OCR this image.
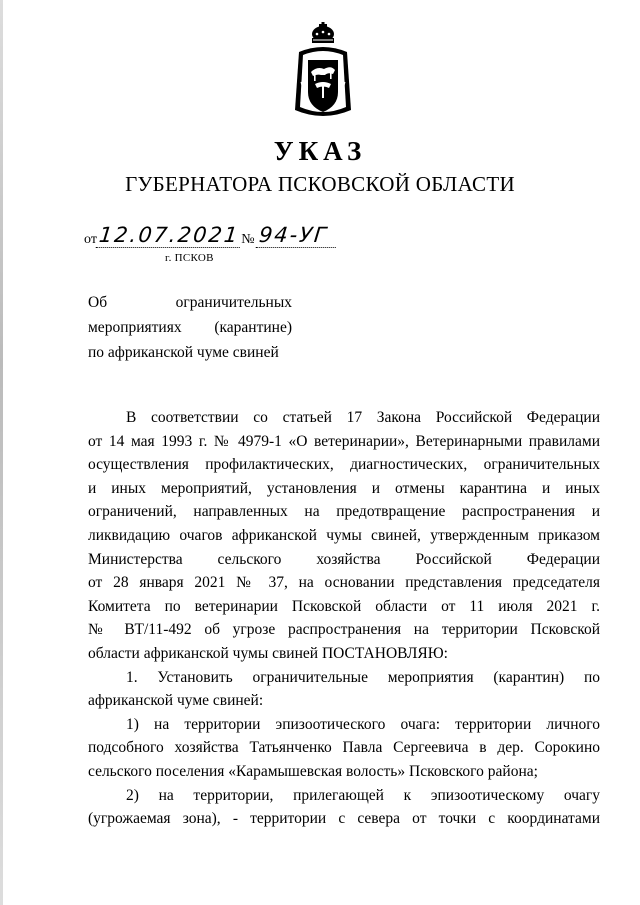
УКАЗ
ГУБЕРНАТОРА ПСКОВСКОЙ ОБЛАСТИ
от 12.07.2021 № 94-УГ
г. ПСКОВ
Об	ограничительных
мероприятиях (карантине)
по африканской чуме свиней

В соответствии со статьей 17 Закона Российской Федерации

от 14 мая 1993 г. № 4979-1 «О ветеринарии», Ветеринарными правилами

осуществления профилактических, диагностических, ограничительных

и иных мероприятий, установления и отмены карантина и иных

ограничений, направленных на предотвращение распространения и

ликвидацию очагов африканской чумы свиней, утвержденным приказом

Министерства сельского хозяйства Российской Федерации

от 28 января 2021 № 37, на основании представления председателя

Комитета по ветеринарии Псковской области от 11 июля 2021 г.

№ ВТ/11-492 об угрозе распространения на территории Псковской

области африканской чумы свиней ПОСТАНОВЛЯЮ:

1. Установить ограничительные мероприятия (карантин) по

африканской чуме свиней:

1) на территории эпизоотического очага: территории личного

подсобного хозяйства Татьянченко Павла Сергеевича в дер. Сорокино

сельского поселения «Карамышевская волость» Псковского района;

2) на территории, прилегающей к эпизоотическому очагу

(угрожаемая зона), - территории с севера от точки с координатами
